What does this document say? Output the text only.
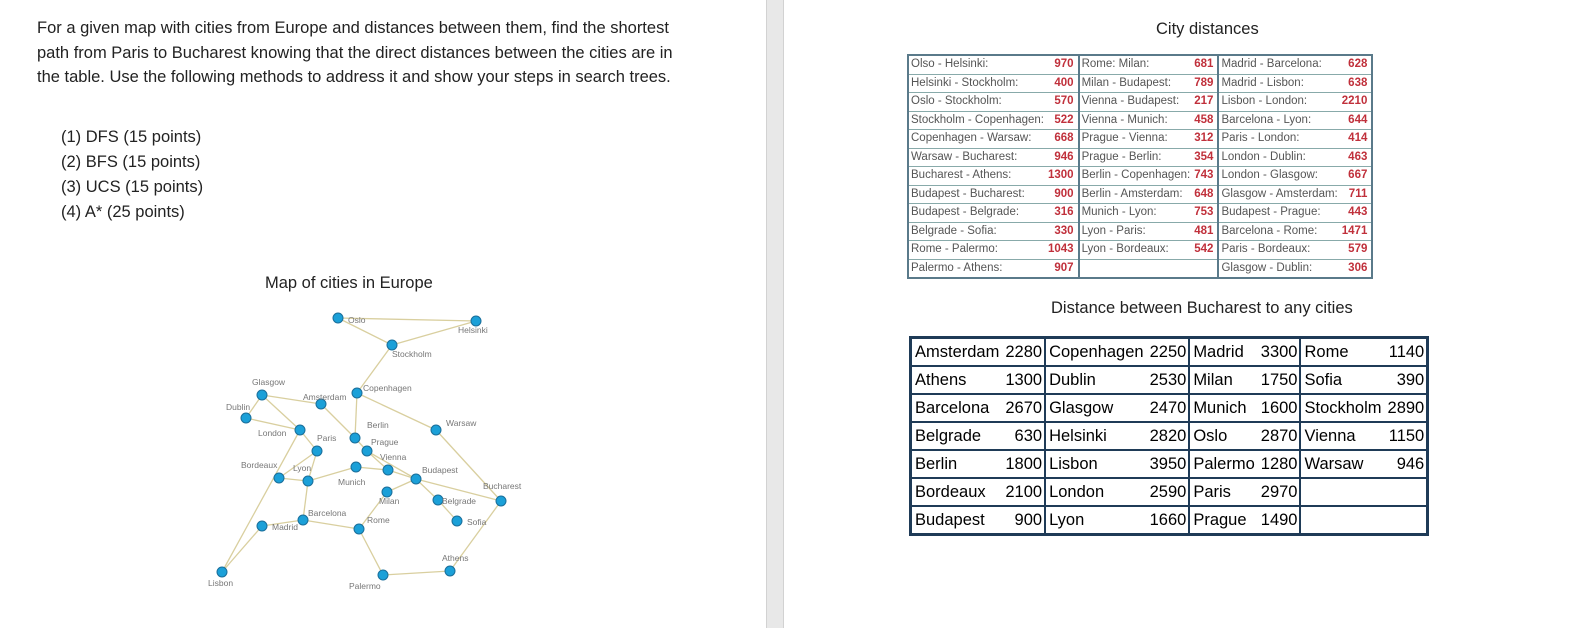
For a given map with cities from Europe and distances between them, find the shortest path from Paris to Bucharest knowing that the direct distances between the cities are in the table. Use the following methods to address it and show your steps in search trees.

(1) DFS (15 points)
(2) BFS (15 points)
(3) UCS (15 points)
(4) A* (25 points)
Map of cities in Europe
Oslo
Helsinki
Stockholm
Glasgow
Copenhagen
Amsterdam
Dublin
Berlin	Warsaw
London	Paris	Prague
Vienna
Bordeaux Lyon
Munich
Budapest
Bucharest
Milan	Belgrade
Barcelona
Madrid
Rome	Sofia
Athens
Lisbon	Palermo
City distances
Olso - Helsinki:	970	Rome: Milan:	681	Madrid - Barcelona:	628
Helsinki - Stockholm:	400	Milan - Budapest:	789	Madrid - Lisbon:	638
Oslo - Stockholm:	570	Vienna - Budapest:	217	Lisbon - London:	2210
Stockholm - Copenhagen:	522	Vienna - Munich:	458	Barcelona - Lyon:	644
Copenhagen - Warsaw:	668	Prague - Vienna:	312	Paris - London:	414
Warsaw - Bucharest:	946	Prague - Berlin:	354	London - Dublin:	463
Bucharest - Athens:	1300	Berlin - Copenhagen:	743	London - Glasgow:	667
Budapest - Bucharest:	900	Berlin - Amsterdam:	648	Glasgow - Amsterdam:	711
Budapest - Belgrade:	316	Munich - Lyon:	753	Budapest - Prague:	443
Belgrade - Sofia:	330	Lyon - Paris:	481	Barcelona - Rome:	1471
Rome - Palermo:	1043	Lyon - Bordeaux:	542	Paris - Bordeaux:	579
Palermo - Athens:	907			Glasgow - Dublin:	306
Distance between Bucharest to any cities
Amsterdam	2280	Copenhagen	2250	Madrid	3300	Rome	1140
Athens	1300	Dublin	2530	Milan	1750	Sofia	390
Barcelona	2670	Glasgow	2470	Munich	1600	Stockholm	2890
Belgrade	630	Helsinki	2820	Oslo	2870	Vienna	1150
Berlin	1800	Lisbon	3950	Palermo	1280	Warsaw	946
Bordeaux	2100	London	2590	Paris	2970		
Budapest	900	Lyon	1660	Prague	1490		
